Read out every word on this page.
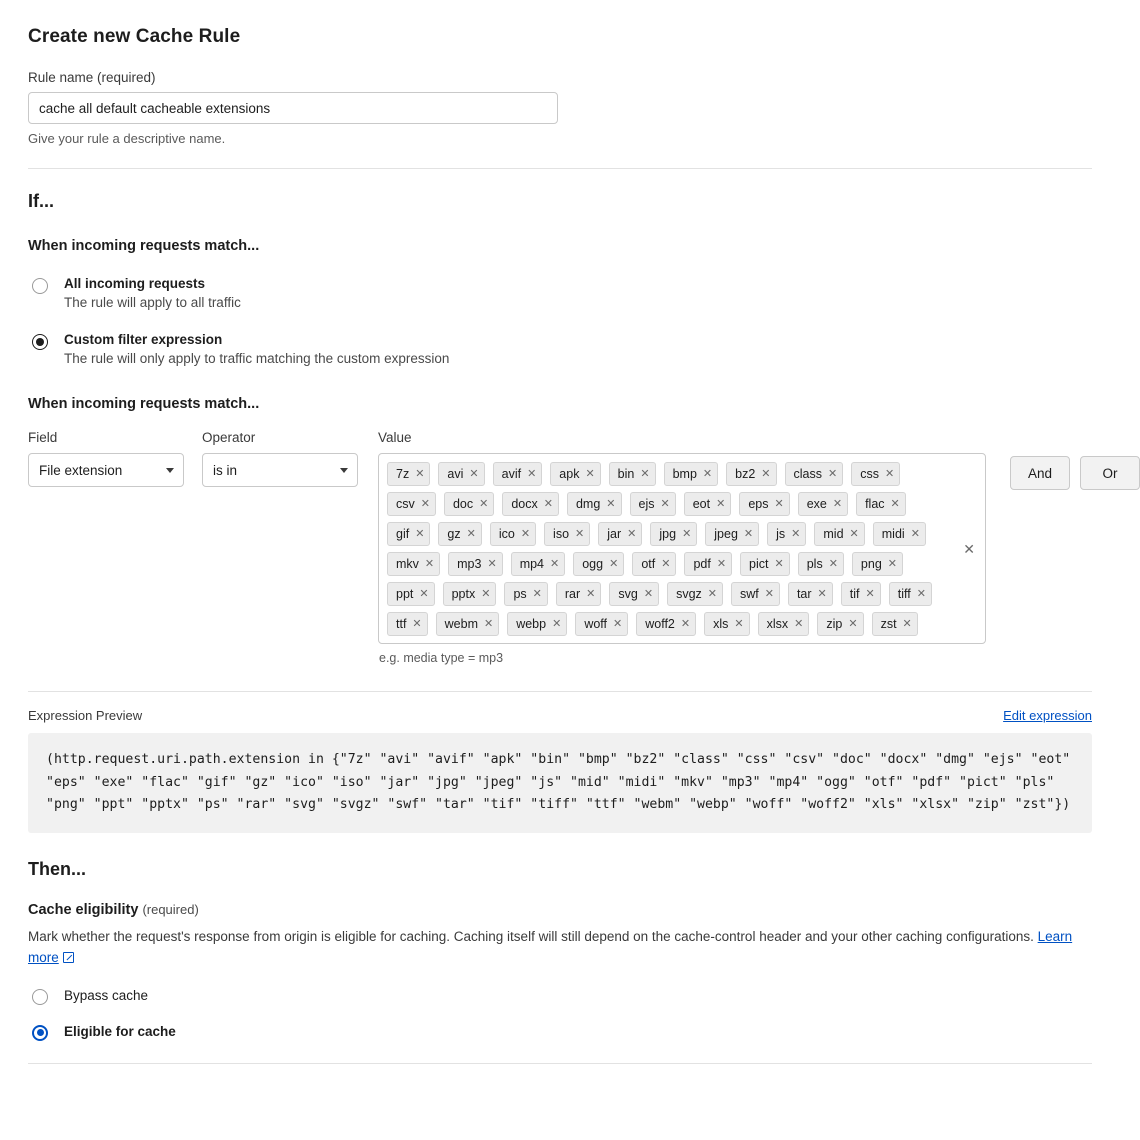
Create new Cache Rule
Rule name (required)
cache all default cacheable extensions
Give your rule a descriptive name.
If...
When incoming requests match...
All incoming requests
The rule will apply to all traffic
Custom filter expression
The rule will only apply to traffic matching the custom expression
When incoming requests match...
Field
File extension
Operator
is in
Value
7z ✕ avi ✕ avif ✕ apk ✕ bin ✕ bmp ✕ bz2 ✕ class ✕ css ✕
csv ✕ doc ✕ docx ✕ dmg ✕ ejs ✕ eot ✕ eps ✕ exe ✕ flac ✕
gif ✕ gz ✕ ico ✕ iso ✕ jar ✕ jpg ✕ jpeg ✕ js ✕ mid ✕ midi ✕
mkv ✕ mp3 ✕ mp4 ✕ ogg ✕ otf ✕ pdf ✕ pict ✕ pls ✕ png ✕
ppt ✕ pptx ✕ ps ✕ rar ✕ svg ✕ svgz ✕ swf ✕ tar ✕ tif ✕ tiff ✕
ttf ✕ webm ✕ webp ✕ woff ✕ woff2 ✕ xls ✕ xlsx ✕ zip ✕ zst ✕
✕
e.g. media type = mp3
And	Or
Expression Preview	Edit expression
(http.request.uri.path.extension in {"7z" "avi" "avif" "apk" "bin" "bmp" "bz2" "class" "css" "csv" "doc" "docx" "dmg" "ejs" "eot" "eps" "exe" "flac" "gif" "gz" "ico" "iso" "jar" "jpg" "jpeg" "js" "mid" "midi" "mkv" "mp3" "mp4" "ogg" "otf" "pdf" "pict" "pls" "png" "ppt" "pptx" "ps" "rar" "svg" "svgz" "swf" "tar" "tif" "tiff" "ttf" "webm" "webp" "woff" "woff2" "xls" "xlsx" "zip" "zst"})
Then...
Cache eligibility (required)
Mark whether the request's response from origin is eligible for caching. Caching itself will still depend on the cache-control header and your other caching configurations. Learn more
Bypass cache
Eligible for cache
